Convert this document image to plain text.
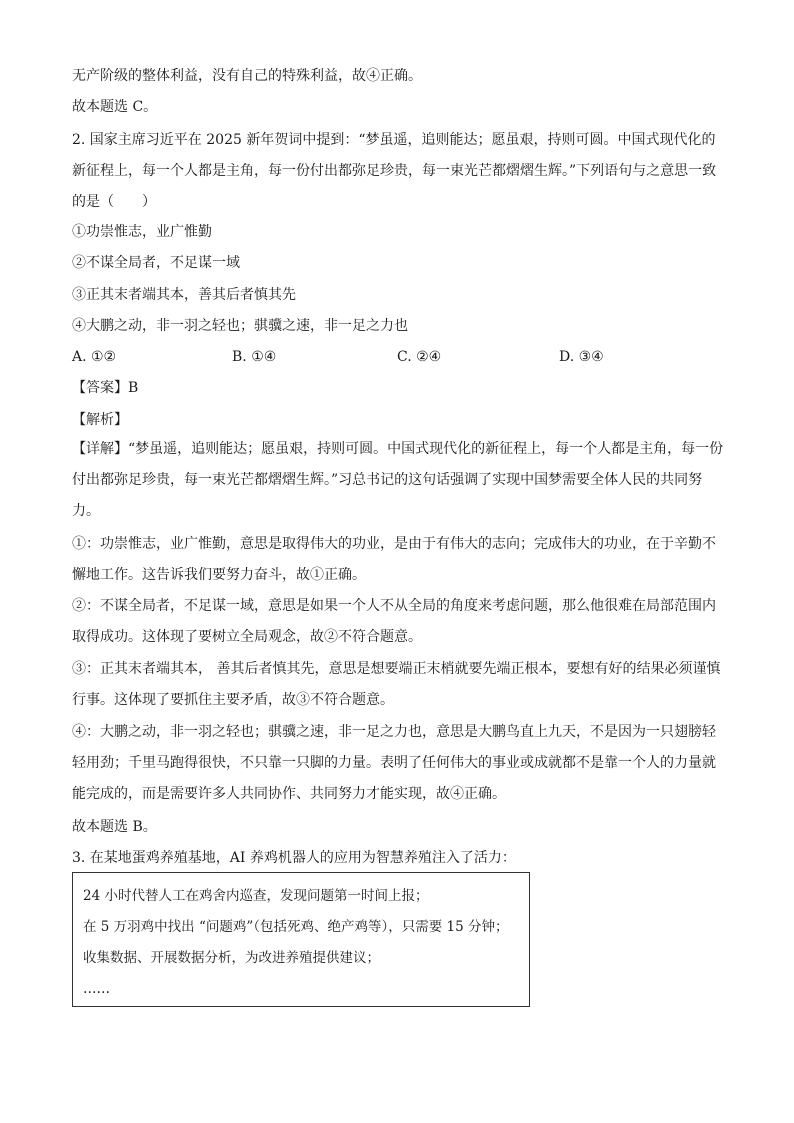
无产阶级的整体利益，没有自己的特殊利益，故④正确。
故本题选 C。
2. 国家主席习近平在 2025 新年贺词中提到：“梦虽遥，追则能达；愿虽艰，持则可圆。中国式现代化的新征程上，每一个人都是主角，每一份付出都弥足珍贵，每一束光芒都熠熠生辉。”下列语句与之意思一致的是（　　）
①功崇惟志，业广惟勤
②不谋全局者，不足谋一域
③正其末者端其本，善其后者慎其先
④大鹏之动，非一羽之轻也；骐骥之速，非一足之力也
A. ①②	B. ①④	C. ②④	D. ③④
【答案】B
【解析】
【详解】“梦虽遥，追则能达；愿虽艰，持则可圆。中国式现代化的新征程上，每一个人都是主角，每一份付出都弥足珍贵，每一束光芒都熠熠生辉。”习总书记的这句话强调了实现中国梦需要全体人民的共同努力。
①：功崇惟志，业广惟勤，意思是取得伟大的功业，是由于有伟大的志向；完成伟大的功业，在于辛勤不懈地工作。这告诉我们要努力奋斗，故①正确。
②：不谋全局者，不足谋一域，意思是如果一个人不从全局的角度来考虑问题，那么他很难在局部范围内取得成功。这体现了要树立全局观念，故②不符合题意。
③：正其末者端其本， 善其后者慎其先，意思是想要端正末梢就要先端正根本，要想有好的结果必须谨慎行事。这体现了要抓住主要矛盾，故③不符合题意。
④：大鹏之动，非一羽之轻也；骐骥之速，非一足之力也，意思是大鹏鸟直上九天，不是因为一只翅膀轻轻用劲；千里马跑得很快，不只靠一只脚的力量。表明了任何伟大的事业或成就都不是靠一个人的力量就能完成的，而是需要许多人共同协作、共同努力才能实现，故④正确。
故本题选 B。
3. 在某地蛋鸡养殖基地，AI 养鸡机器人的应用为智慧养殖注入了活力：
24 小时代替人工在鸡舍内巡查，发现问题第一时间上报；
在 5 万羽鸡中找出 “问题鸡”（包括死鸡、绝产鸡等），只需要 15 分钟；
收集数据、开展数据分析，为改进养殖提供建议；
……
